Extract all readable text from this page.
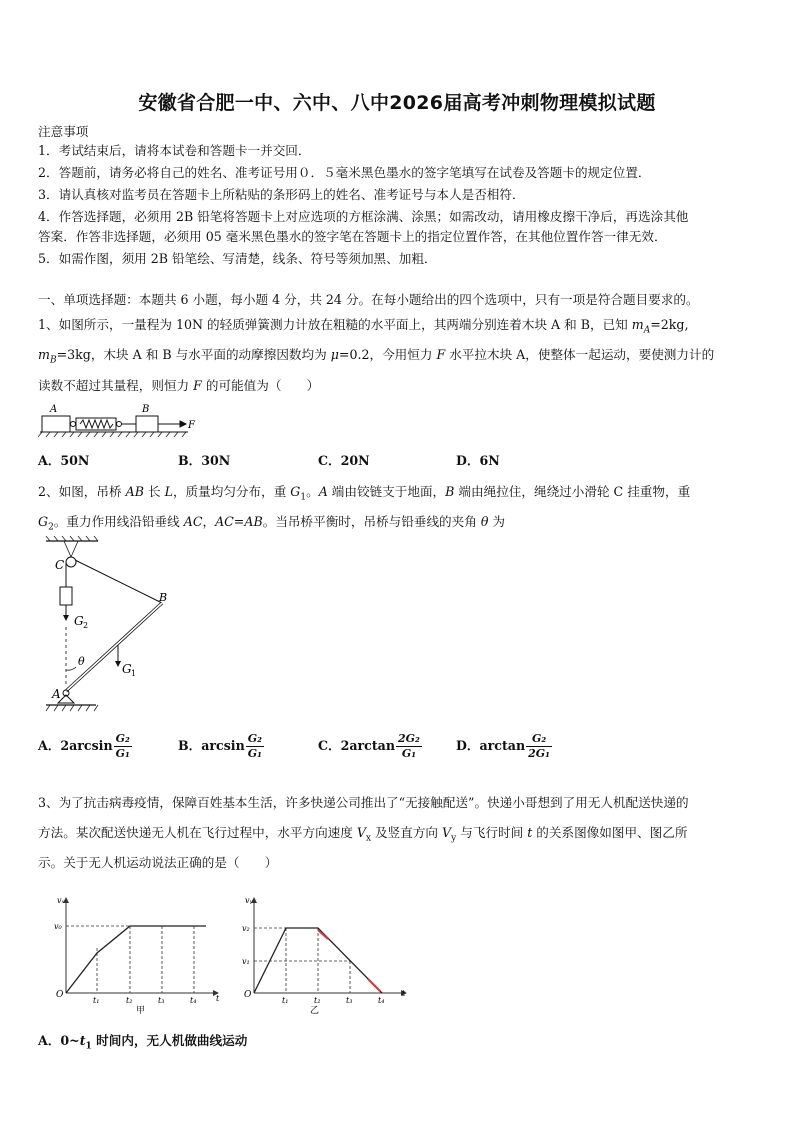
安徽省合肥一中、六中、八中2026届高考冲刺物理模拟试题
注意事项
1．考试结束后，请将本试卷和答题卡一并交回．
2．答题前，请务必将自己的姓名、准考证号用０．５毫米黑色墨水的签字笔填写在试卷及答题卡的规定位置．
3．请认真核对监考员在答题卡上所粘贴的条形码上的姓名、准考证号与本人是否相符．
4．作答选择题，必须用 2B 铅笔将答题卡上对应选项的方框涂满、涂黑；如需改动，请用橡皮擦干净后，再选涂其他
答案．作答非选择题，必须用 05 毫米黑色墨水的签字笔在答题卡上的指定位置作答，在其他位置作答一律无效．
5．如需作图，须用 2B 铅笔绘、写清楚，线条、符号等须加黑、加粗．
一、单项选择题：本题共 6 小题，每小题 4 分，共 24 分。在每小题给出的四个选项中，只有一项是符合题目要求的。
1、如图所示，一量程为 10N 的轻质弹簧测力计放在粗糙的水平面上，其两端分别连着木块 A 和 B，已知 $m_A=2kg$,
$m_B=3kg$，木块 A 和 B 与水平面的动摩擦因数均为 μ=0.2，今用恒力 F 水平拉木块 A，使整体一起运动，要使测力计的
读数不超过其量程，则恒力 F 的可能值为（　　）
A	B
F
A．50N	B．30N	C．20N	D．6N
2、如图，吊桥 AB 长 L，质量均匀分布，重 $G_1$。A 端由铰链支于地面，B 端由绳拉住，绳绕过小滑轮 C 挂重物，重
$G_2$。重力作用线沿铅垂线 AC，AC=AB。当吊桥平衡时，吊桥与铅垂线的夹角 θ 为
C
B
A
G 2
G 1
θ
A．$2\arcsin \frac{\text{G₂}}{\text{G₁}}$	B．$\arcsin \frac{\text{G₂}}{\text{G₁}}$	C．$2\arctan \frac{\text{2G₂}}{\text{G₁}}$	D．$\arctan \frac{\text{G₂}}{\text{2G₁}}$
3、为了抗击病毒疫情，保障百姓基本生活，许多快递公司推出了“无接触配送”。快递小哥想到了用无人机配送快递的
方法。某次配送快递无人机在飞行过程中，水平方向速度 $V_x$ 及竖直方向 $V_y$ 与飞行时间 t 的关系图像如图甲、图乙所
示。关于无人机运动说法正确的是（　　）
vₓ
v₀
O
t₁	t₂	t₃	t₄ t
甲
vᵧ
v₂
v₁
O
t₁	t₂	t₃	t₄
t
乙
A．$0\sim t_1$ 时间内，无人机做曲线运动
